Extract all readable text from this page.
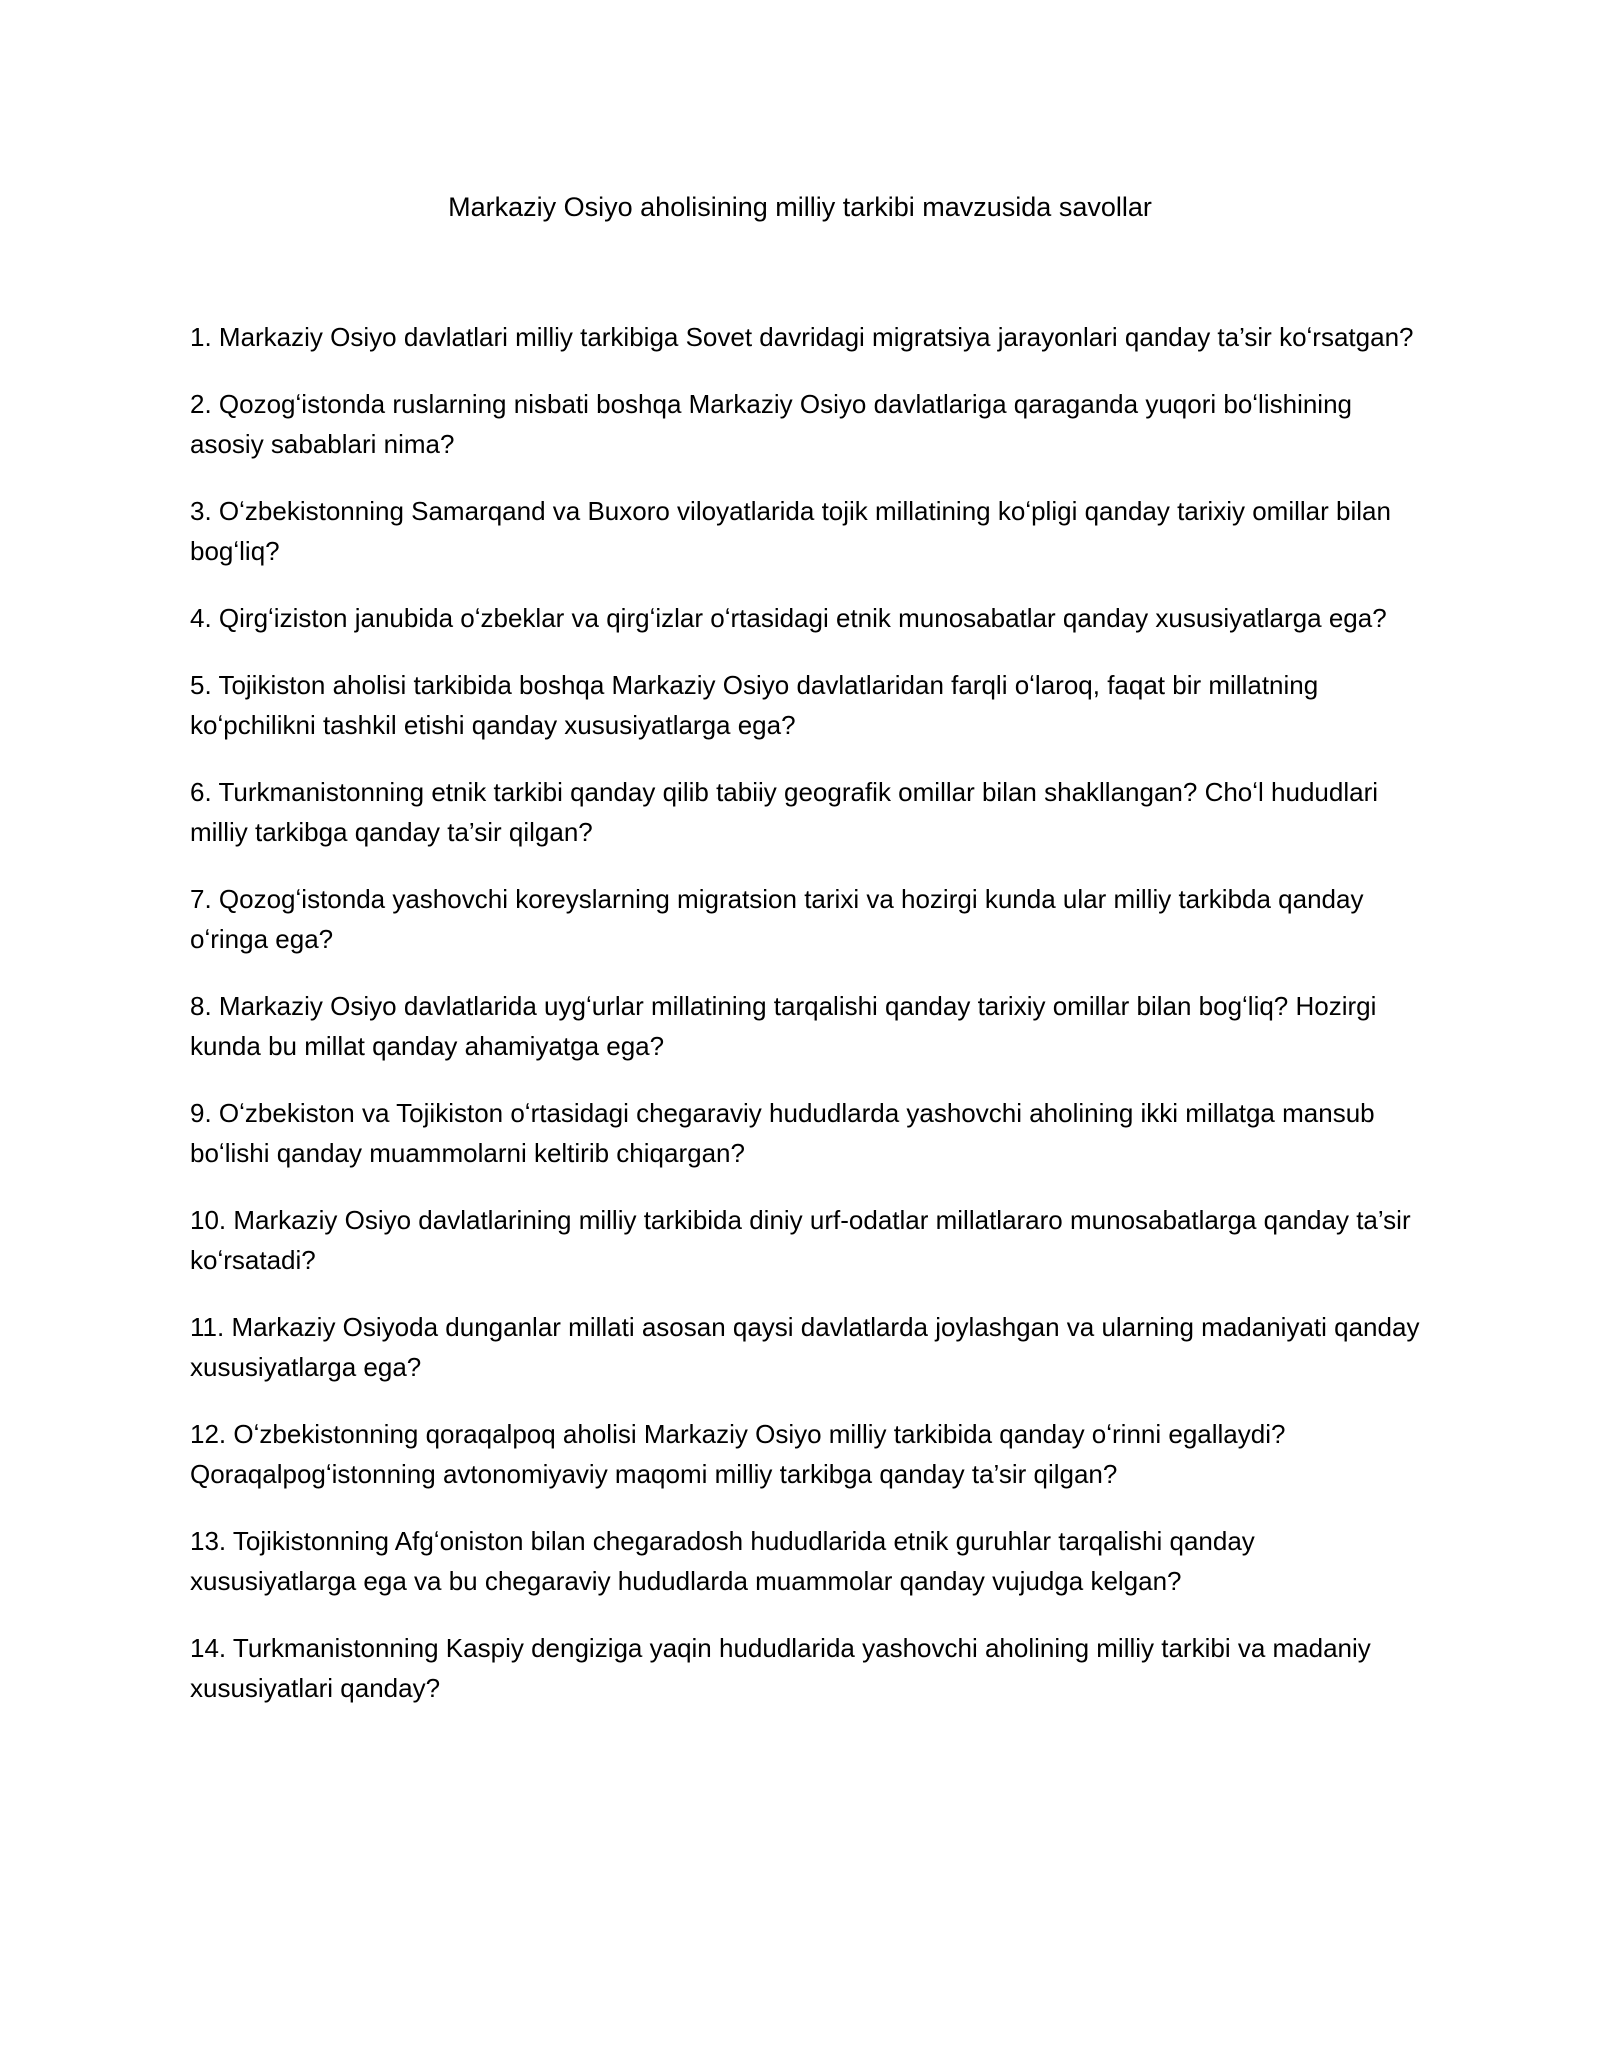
Markaziy Osiyo aholisining milliy tarkibi mavzusida savollar
1. Markaziy Osiyo davlatlari milliy tarkibiga Sovet davridagi migratsiya jarayonlari qanday ta’sir koʻrsatgan?
2. Qozogʻistonda ruslarning nisbati boshqa Markaziy Osiyo davlatlariga qaraganda yuqori boʻlishining asosiy sabablari nima?
3. Oʻzbekistonning Samarqand va Buxoro viloyatlarida tojik millatining koʻpligi qanday tarixiy omillar bilan bogʻliq?
4. Qirgʻiziston janubida oʻzbeklar va qirgʻizlar oʻrtasidagi etnik munosabatlar qanday xususiyatlarga ega?
5. Tojikiston aholisi tarkibida boshqa Markaziy Osiyo davlatlaridan farqli oʻlaroq, faqat bir millatning koʻpchilikni tashkil etishi qanday xususiyatlarga ega?
6. Turkmanistonning etnik tarkibi qanday qilib tabiiy geografik omillar bilan shakllangan? Choʻl hududlari milliy tarkibga qanday ta’sir qilgan?
7. Qozogʻistonda yashovchi koreyslarning migratsion tarixi va hozirgi kunda ular milliy tarkibda qanday oʻringa ega?
8. Markaziy Osiyo davlatlarida uygʻurlar millatining tarqalishi qanday tarixiy omillar bilan bogʻliq? Hozirgi kunda bu millat qanday ahamiyatga ega?
9. Oʻzbekiston va Tojikiston oʻrtasidagi chegaraviy hududlarda yashovchi aholining ikki millatga mansub boʻlishi qanday muammolarni keltirib chiqargan?
10. Markaziy Osiyo davlatlarining milliy tarkibida diniy urf-odatlar millatlararo munosabatlarga qanday ta’sir koʻrsatadi?
11. Markaziy Osiyoda dunganlar millati asosan qaysi davlatlarda joylashgan va ularning madaniyati qanday xususiyatlarga ega?
12. Oʻzbekistonning qoraqalpoq aholisi Markaziy Osiyo milliy tarkibida qanday oʻrinni egallaydi? Qoraqalpogʻistonning avtonomiyaviy maqomi milliy tarkibga qanday ta’sir qilgan?
13. Tojikistonning Afgʻoniston bilan chegaradosh hududlarida etnik guruhlar tarqalishi qanday xususiyatlarga ega va bu chegaraviy hududlarda muammolar qanday vujudga kelgan?
14. Turkmanistonning Kaspiy dengiziga yaqin hududlarida yashovchi aholining milliy tarkibi va madaniy xususiyatlari qanday?
